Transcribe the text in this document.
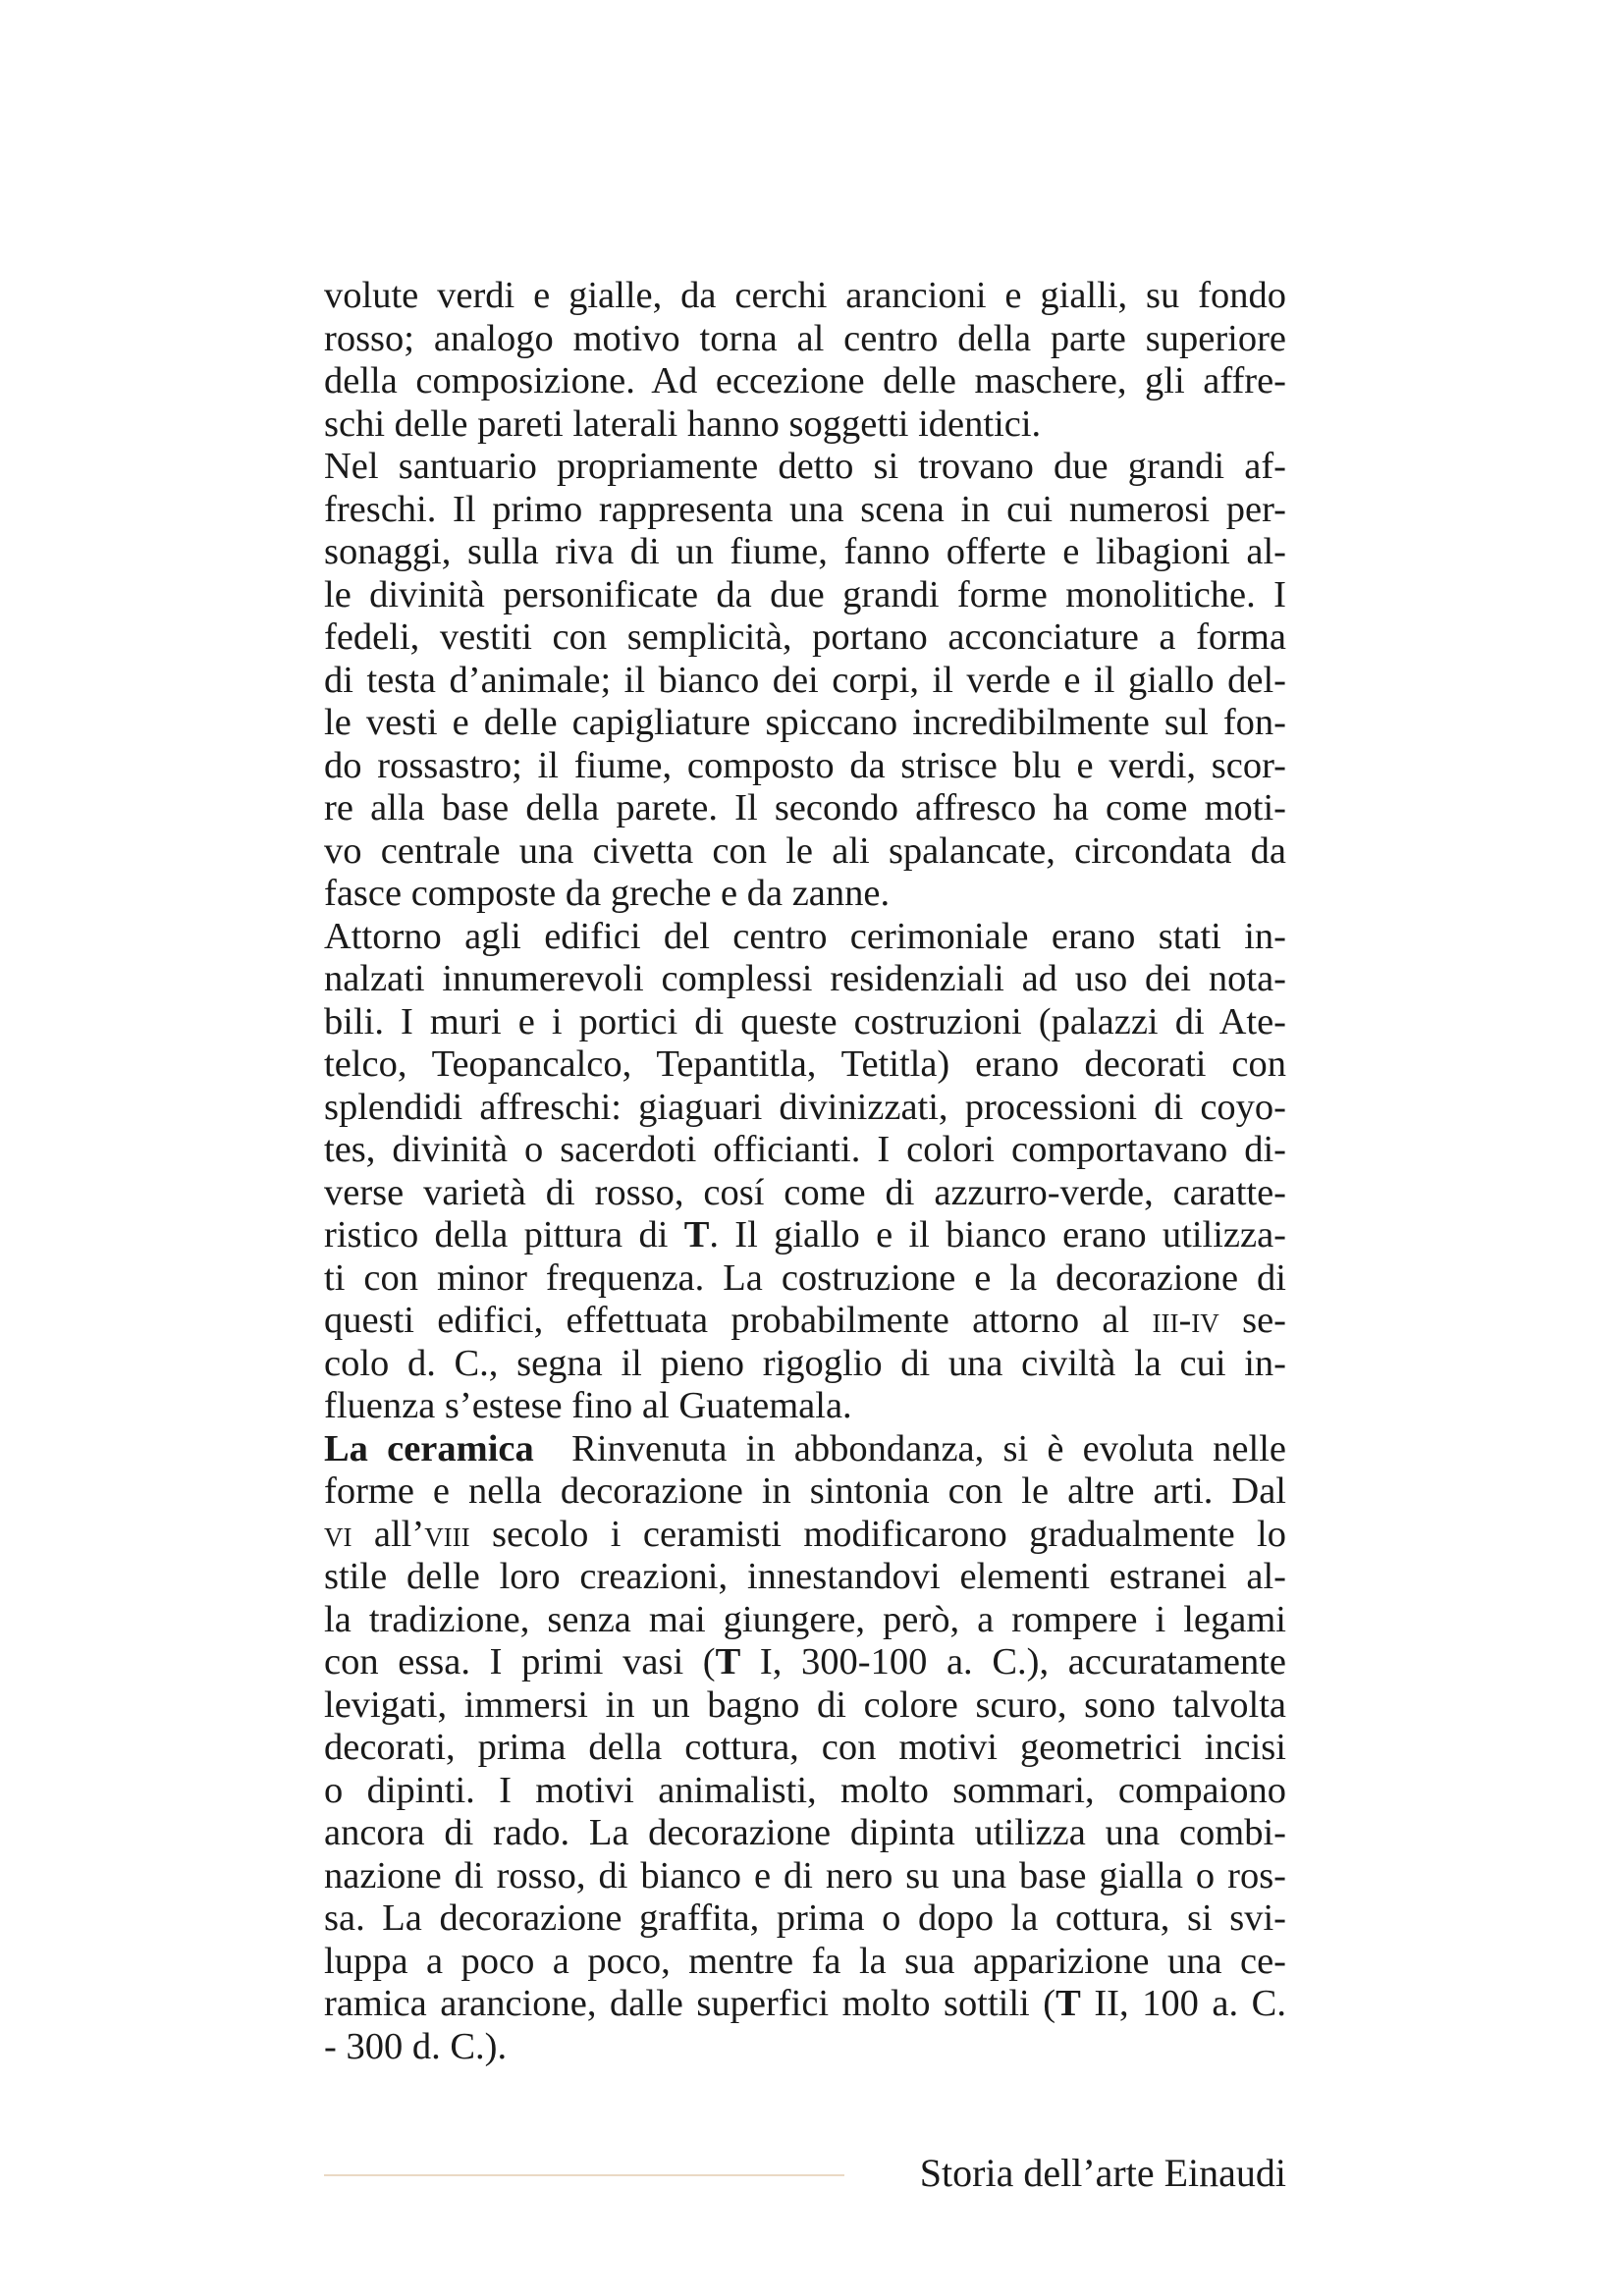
volute verdi e gialle, da cerchi arancioni e gialli, su fondo
rosso; analogo motivo torna al centro della parte superiore
della composizione. Ad eccezione delle maschere, gli affre-
schi delle pareti laterali hanno soggetti identici.
Nel santuario propriamente detto si trovano due grandi af-
freschi. Il primo rappresenta una scena in cui numerosi per-
sonaggi, sulla riva di un fiume, fanno offerte e libagioni al-
le divinità personificate da due grandi forme monolitiche. I
fedeli, vestiti con semplicità, portano acconciature a forma
di testa d’animale; il bianco dei corpi, il verde e il giallo del-
le vesti e delle capigliature spiccano incredibilmente sul fon-
do rossastro; il fiume, composto da strisce blu e verdi, scor-
re alla base della parete. Il secondo affresco ha come moti-
vo centrale una civetta con le ali spalancate, circondata da
fasce composte da greche e da zanne.
Attorno agli edifici del centro cerimoniale erano stati in-
nalzati innumerevoli complessi residenziali ad uso dei nota-
bili. I muri e i portici di queste costruzioni (palazzi di Ate-
telco, Teopancalco, Tepantitla, Tetitla) erano decorati con
splendidi affreschi: giaguari divinizzati, processioni di coyo-
tes, divinità o sacerdoti officianti. I colori comportavano di-
verse varietà di rosso, cosí come di azzurro-verde, caratte-
ristico della pittura di T. Il giallo e il bianco erano utilizza-
ti con minor frequenza. La costruzione e la decorazione di
questi edifici, effettuata probabilmente attorno al iii-iv se-
colo d. C., segna il pieno rigoglio di una civiltà la cui in-
fluenza s’estese fino al Guatemala.
La ceramica  Rinvenuta in abbondanza, si è evoluta nelle
forme e nella decorazione in sintonia con le altre arti. Dal
vi all’viii secolo i ceramisti modificarono gradualmente lo
stile delle loro creazioni, innestandovi elementi estranei al-
la tradizione, senza mai giungere, però, a rompere i legami
con essa. I primi vasi (T I, 300-100 a. C.), accuratamente
levigati, immersi in un bagno di colore scuro, sono talvolta
decorati, prima della cottura, con motivi geometrici incisi
o dipinti. I motivi animalisti, molto sommari, compaiono
ancora di rado. La decorazione dipinta utilizza una combi-
nazione di rosso, di bianco e di nero su una base gialla o ros-
sa. La decorazione graffita, prima o dopo la cottura, si svi-
luppa a poco a poco, mentre fa la sua apparizione una ce-
ramica arancione, dalle superfici molto sottili (T II, 100 a. C.
- 300 d. C.).
Storia dell’arte Einaudi
